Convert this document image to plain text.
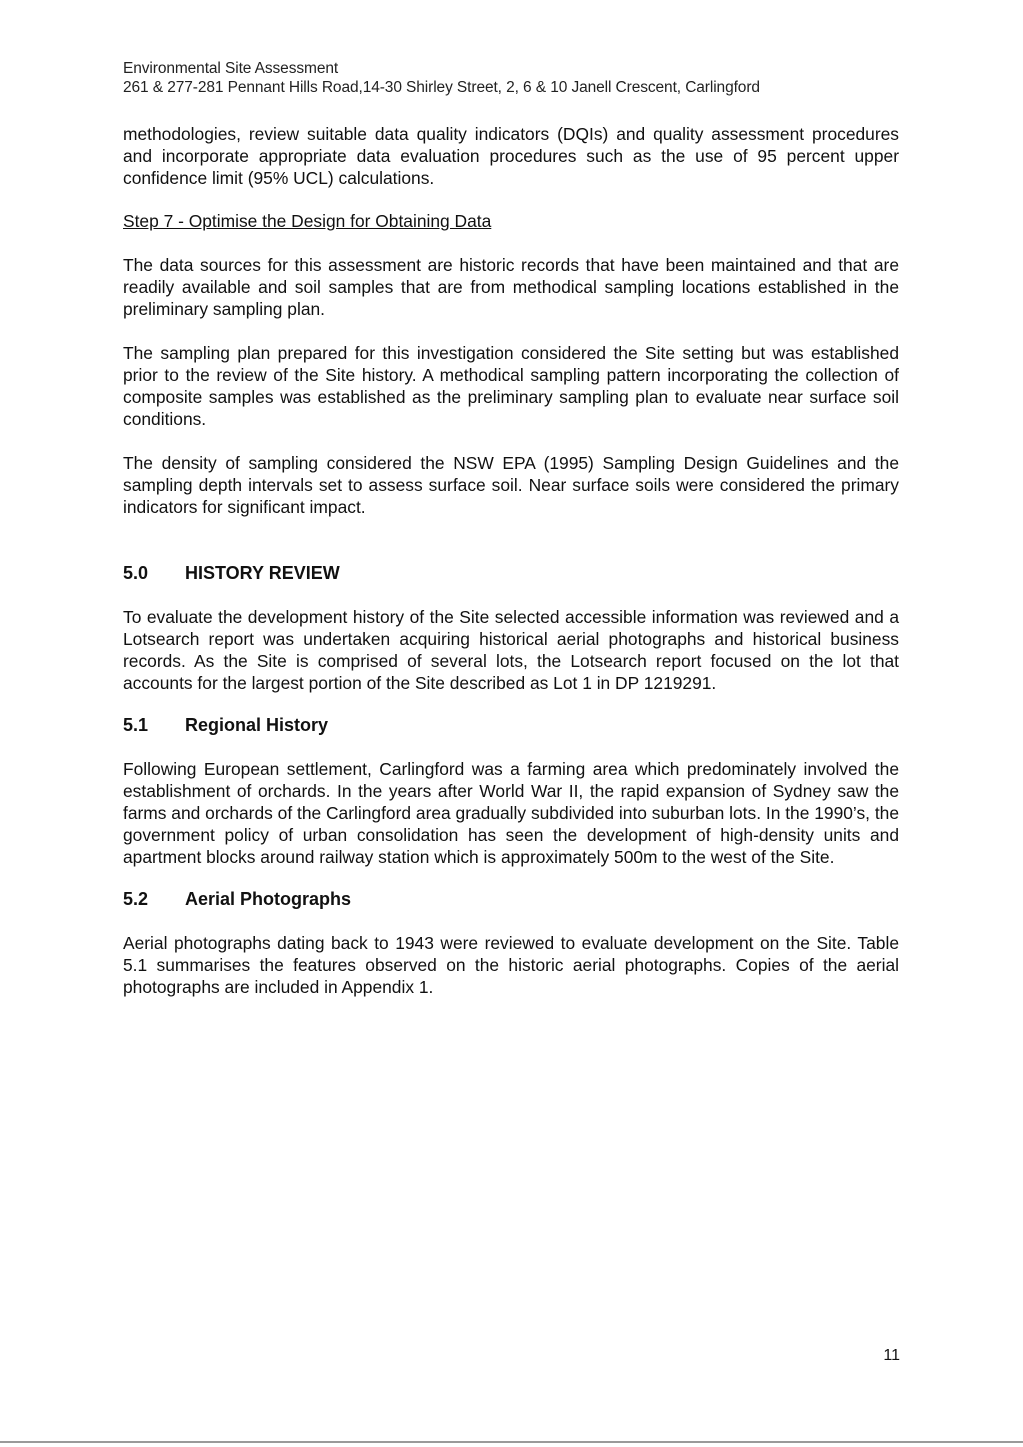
Environmental Site Assessment
261 & 277-281 Pennant Hills Road,14-30 Shirley Street, 2, 6 & 10 Janell Crescent, Carlingford

methodologies, review suitable data quality indicators (DQIs) and quality assessment procedures and incorporate appropriate data evaluation procedures such as the use of 95 percent upper confidence limit (95% UCL) calculations.

Step 7 - Optimise the Design for Obtaining Data

The data sources for this assessment are historic records that have been maintained and that are readily available and soil samples that are from methodical sampling locations established in the preliminary sampling plan.

The sampling plan prepared for this investigation considered the Site setting but was established prior to the review of the Site history. A methodical sampling pattern incorporating the collection of composite samples was established as the preliminary sampling plan to evaluate near surface soil conditions.

The density of sampling considered the NSW EPA (1995) Sampling Design Guidelines and the sampling depth intervals set to assess surface soil. Near surface soils were considered the primary indicators for significant impact.

5.0	HISTORY REVIEW

To evaluate the development history of the Site selected accessible information was reviewed and a Lotsearch report was undertaken acquiring historical aerial photographs and historical business records. As the Site is comprised of several lots, the Lotsearch report focused on the lot that accounts for the largest portion of the Site described as Lot 1 in DP 1219291.

5.1	Regional History

Following European settlement, Carlingford was a farming area which predominately involved the establishment of orchards. In the years after World War II, the rapid expansion of Sydney saw the farms and orchards of the Carlingford area gradually subdivided into suburban lots. In the 1990’s, the government policy of urban consolidation has seen the development of high-density units and apartment blocks around railway station which is approximately 500m to the west of the Site.

5.2	Aerial Photographs

Aerial photographs dating back to 1943 were reviewed to evaluate development on the Site. Table 5.1 summarises the features observed on the historic aerial photographs. Copies of the aerial photographs are included in Appendix 1.

11
